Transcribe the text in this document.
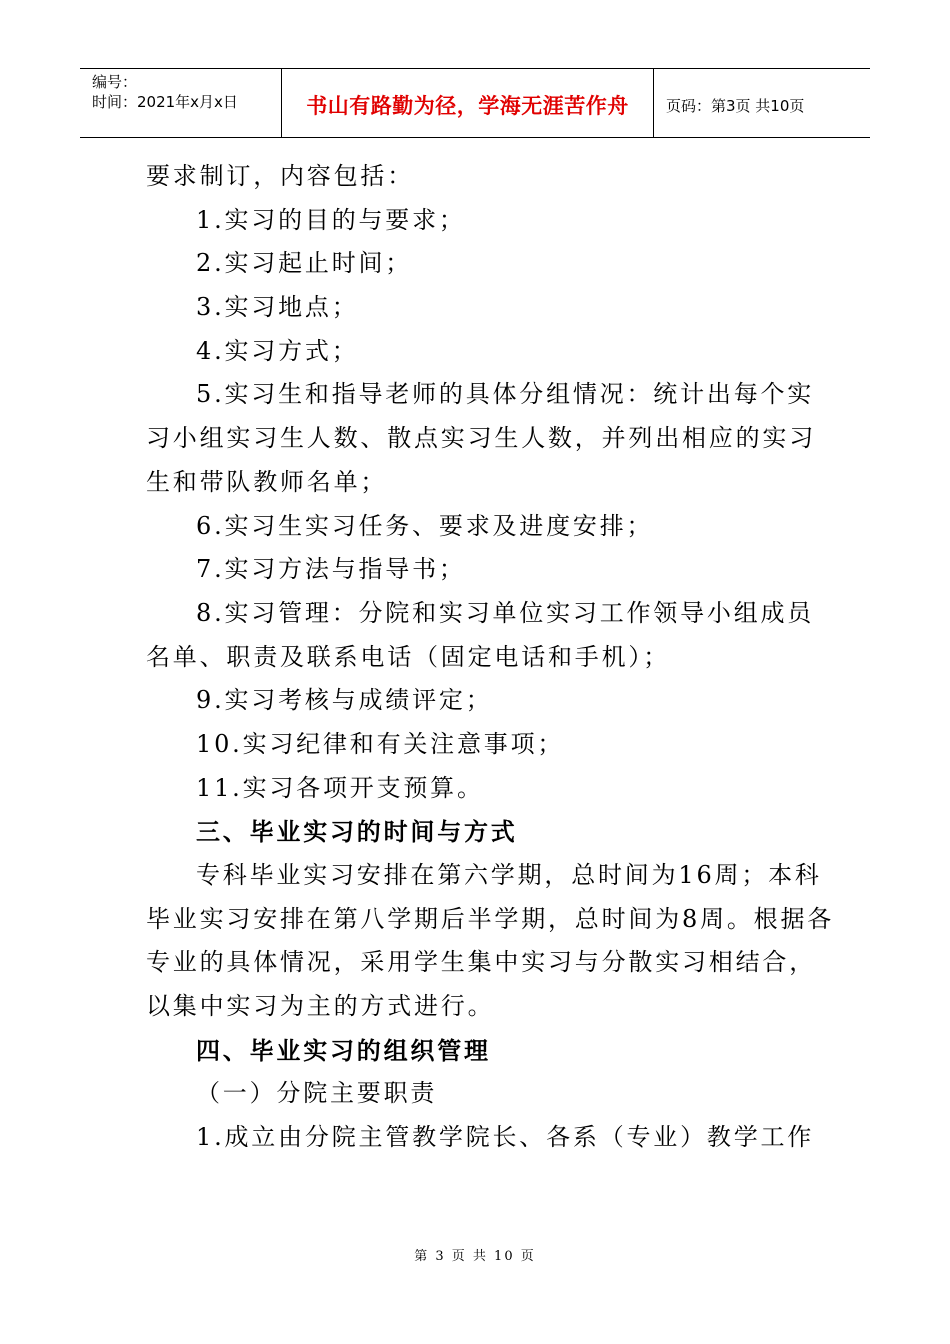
编号：
时间：2021年x月x日	书山有路勤为径，学海无涯苦作舟 页码：第3页 共10页
要求制订，内容包括：
1.实习的目的与要求；
2.实习起止时间；
3.实习地点；
4.实习方式；
5.实习生和指导老师的具体分组情况：统计出每个实
习小组实习生人数、散点实习生人数，并列出相应的实习
生和带队教师名单；
6.实习生实习任务、要求及进度安排；
7.实习方法与指导书；
8.实习管理：分院和实习单位实习工作领导小组成员
名单、职责及联系电话（固定电话和手机）；
9.实习考核与成绩评定；
10.实习纪律和有关注意事项；
11.实习各项开支预算。
三、毕业实习的时间与方式
专科毕业实习安排在第六学期，总时间为16周；本科
毕业实习安排在第八学期后半学期，总时间为8周。根据各
专业的具体情况，采用学生集中实习与分散实习相结合，
以集中实习为主的方式进行。
四、毕业实习的组织管理
（一）分院主要职责
1.成立由分院主管教学院长、各系（专业）教学工作
第 3 页 共 10 页
